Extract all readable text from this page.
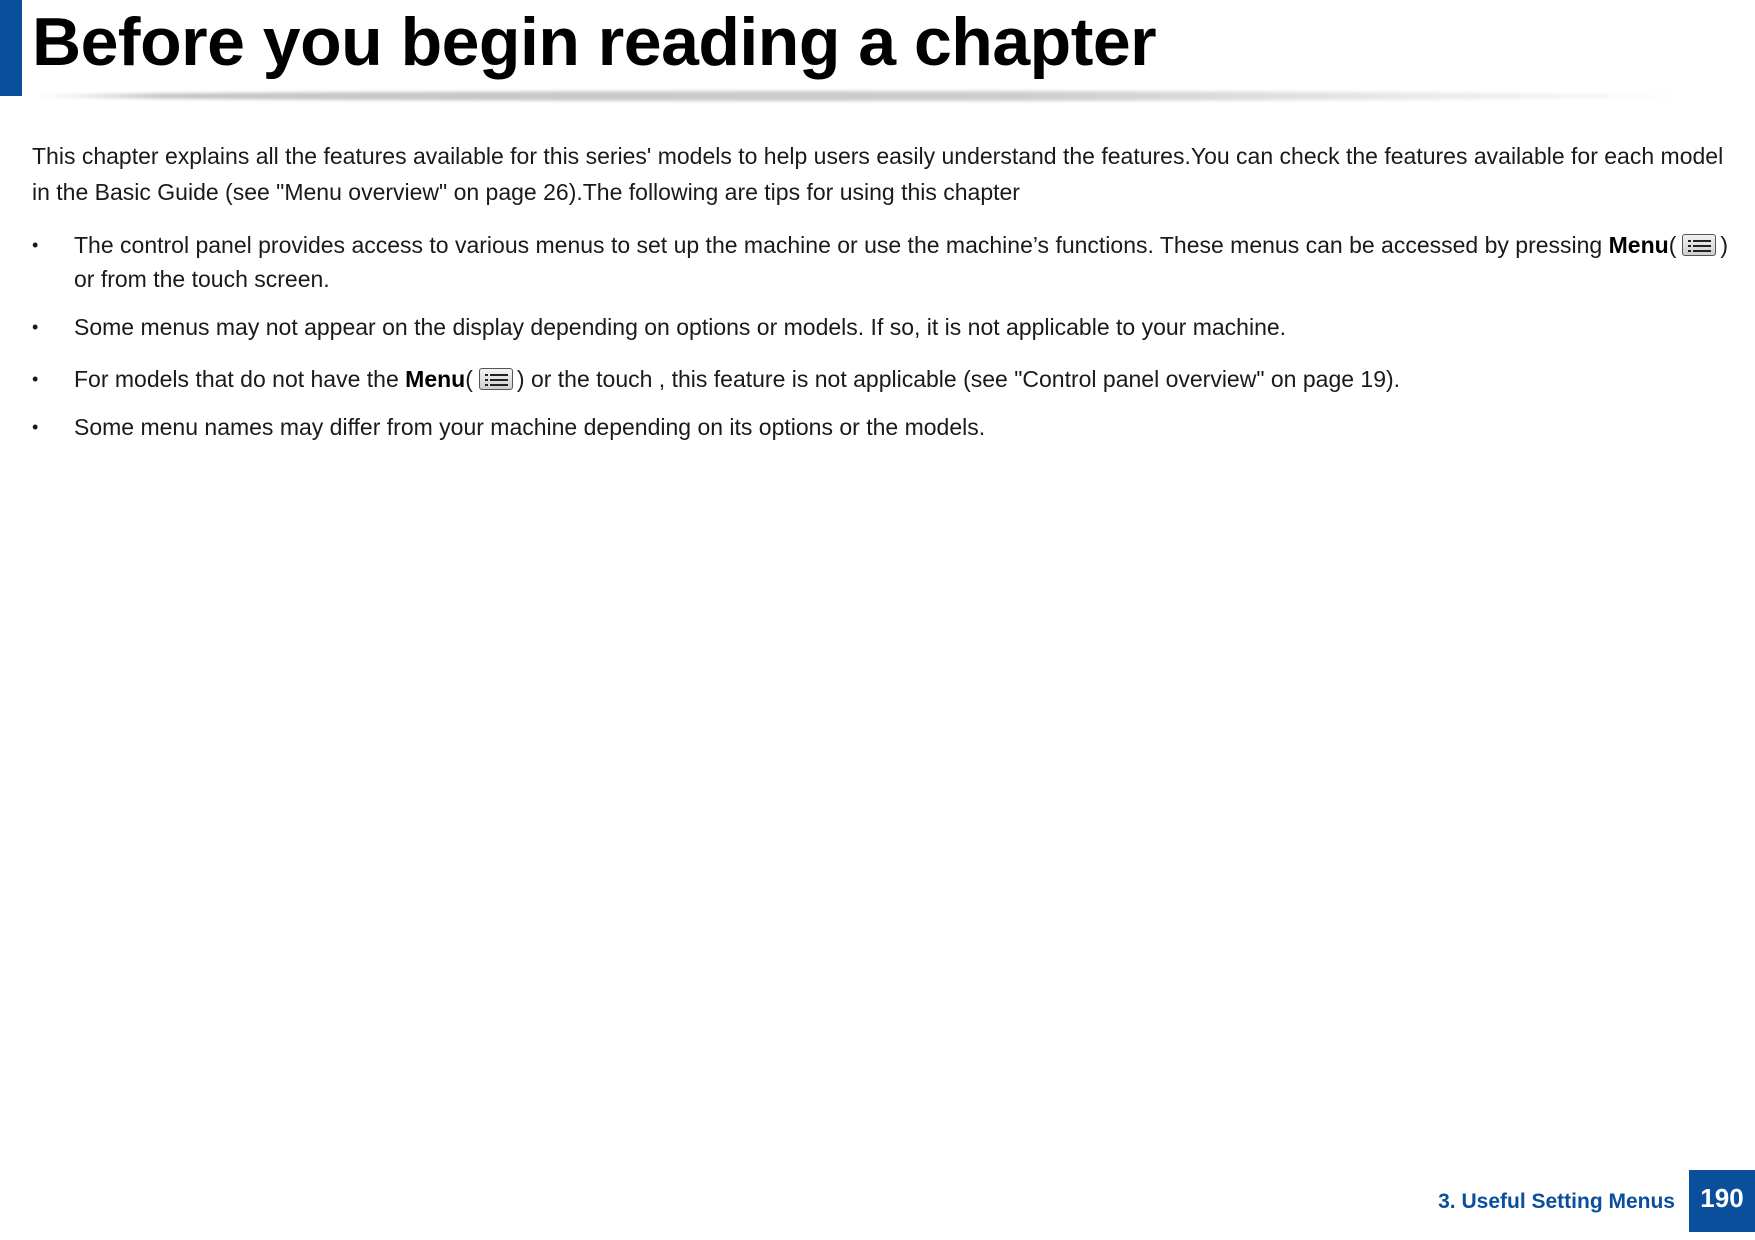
Before you begin reading a chapter

This chapter explains all the features available for this series' models to help users easily understand the features.You can check the features available for each model in the Basic Guide (see "Menu overview" on page 26).The following are tips for using this chapter

•	The control panel provides access to various menus to set up the machine or use the machine’s functions. These menus can be accessed by pressing Menu( ) or from the touch screen.
•	Some menus may not appear on the display depending on options or models. If so, it is not applicable to your machine.
•	For models that do not have the Menu( ) or the touch , this feature is not applicable (see "Control panel overview" on page 19).
•	Some menu names may differ from your machine depending on its options or the models.
3. Useful Setting Menus 190
